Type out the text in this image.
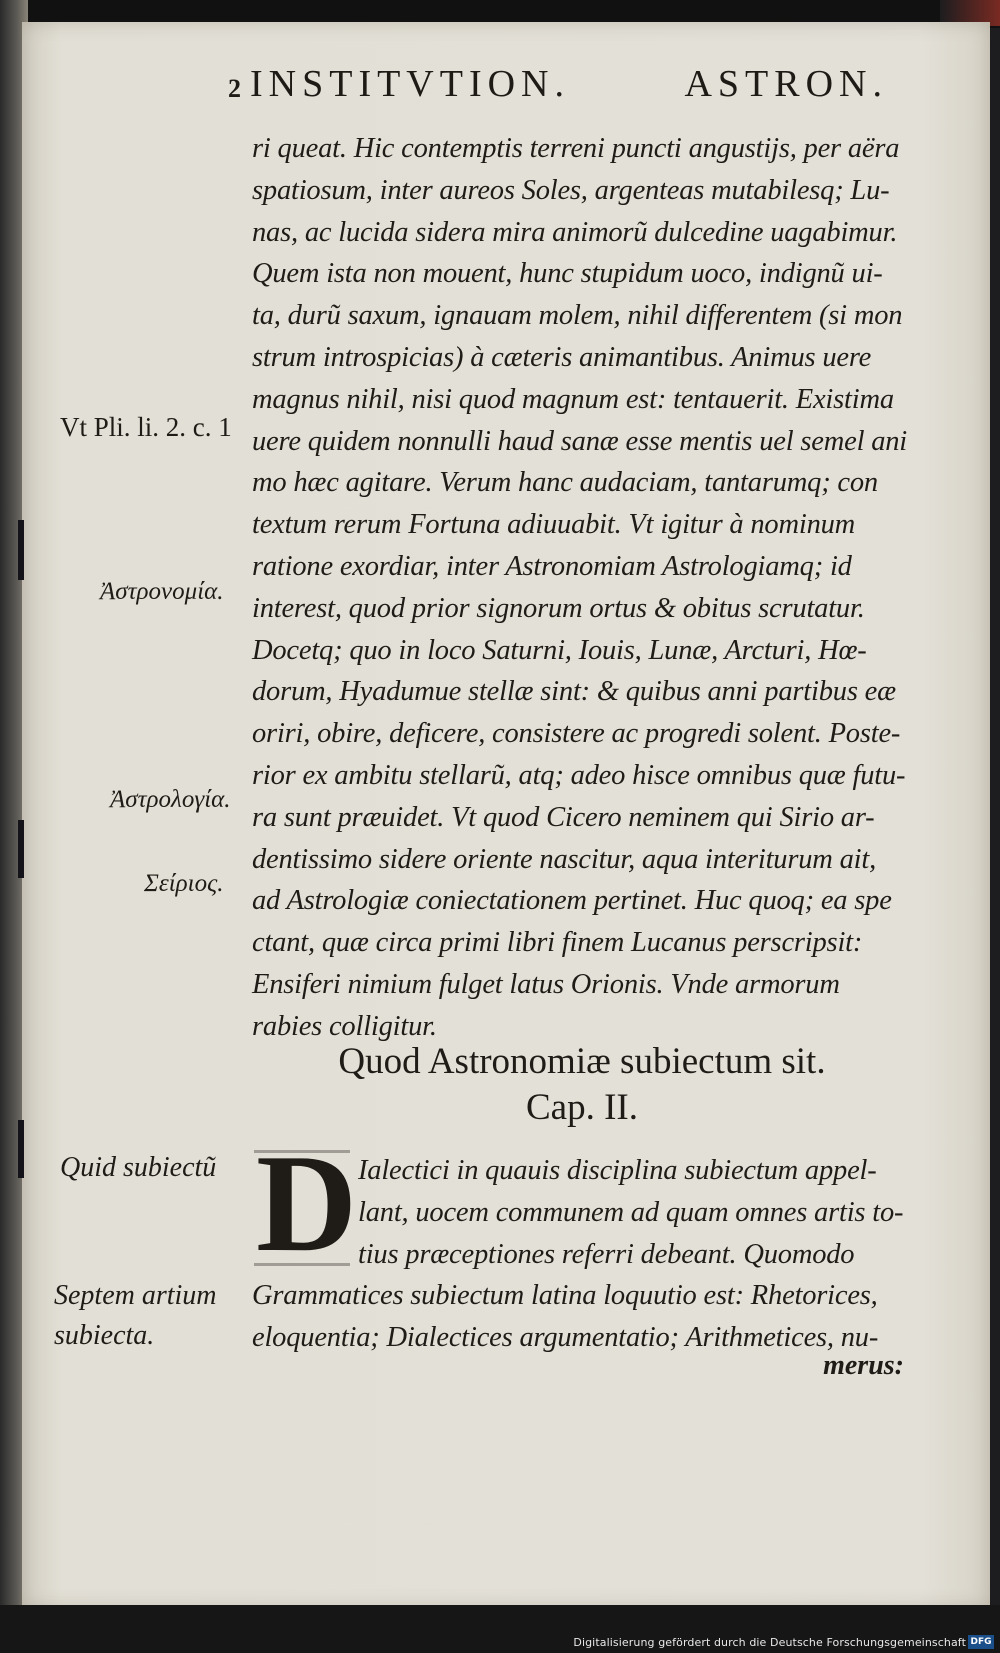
2 INSTITVTION.	ASTRON.
ri queat. Hic contemptis terreni puncti angustijs, per aëra
spatiosum, inter aureos Soles, argenteas mutabilesq; Lu-
nas, ac lucida sidera mira animorũ dulcedine uagabimur.
Quem ista non mouent, hunc stupidum uoco, indignũ ui-
ta, durũ saxum, ignauam molem, nihil differentem (si mon
strum introspicias) à cæteris animantibus. Animus uere
magnus nihil, nisi quod magnum est: tentauerit. Existima
uere quidem nonnulli haud sanæ esse mentis uel semel ani
mo hæc agitare. Verum hanc audaciam, tantarumq; con
textum rerum Fortuna adiuuabit. Vt igitur à nominum
ratione exordiar, inter Astronomiam Astrologiamq; id
interest, quod prior signorum ortus & obitus scrutatur.
Docetq; quo in loco Saturni, Iouis, Lunæ, Arcturi, Hœ-
dorum, Hyadumue stellæ sint: & quibus anni partibus eæ
oriri, obire, deficere, consistere ac progredi solent. Poste-
rior ex ambitu stellarũ, atq; adeo hisce omnibus quæ futu-
ra sunt præuidet. Vt quod Cicero neminem qui Sirio ar-
dentissimo sidere oriente nascitur, aqua interiturum ait,
ad Astrologiæ coniectationem pertinet. Huc quoq; ea spe
ctant, quæ circa primi libri finem Lucanus perscripsit:
Ensiferi nimium fulget latus Orionis. Vnde armorum
rabies colligitur.
Vt Pli. li. 2. c. 1
Ἀστρονομία.
Ἀστρολογία.
Σείριος.
Quod Astronomiæ subiectum sit.
Cap. II.
Quid subiectũ
Septem artium
subiecta.
D Ialectici in quauis disciplina subiectum appel-
lant, uocem communem ad quam omnes artis to-
tius præceptiones referri debeant. Quomodo
Grammatices subiectum latina loquutio est: Rhetorices,
eloquentia; Dialectices argumentatio; Arithmetices, nu-
merus:
Digitalisierung gefördert durch die Deutsche Forschungsgemeinschaft DFG
